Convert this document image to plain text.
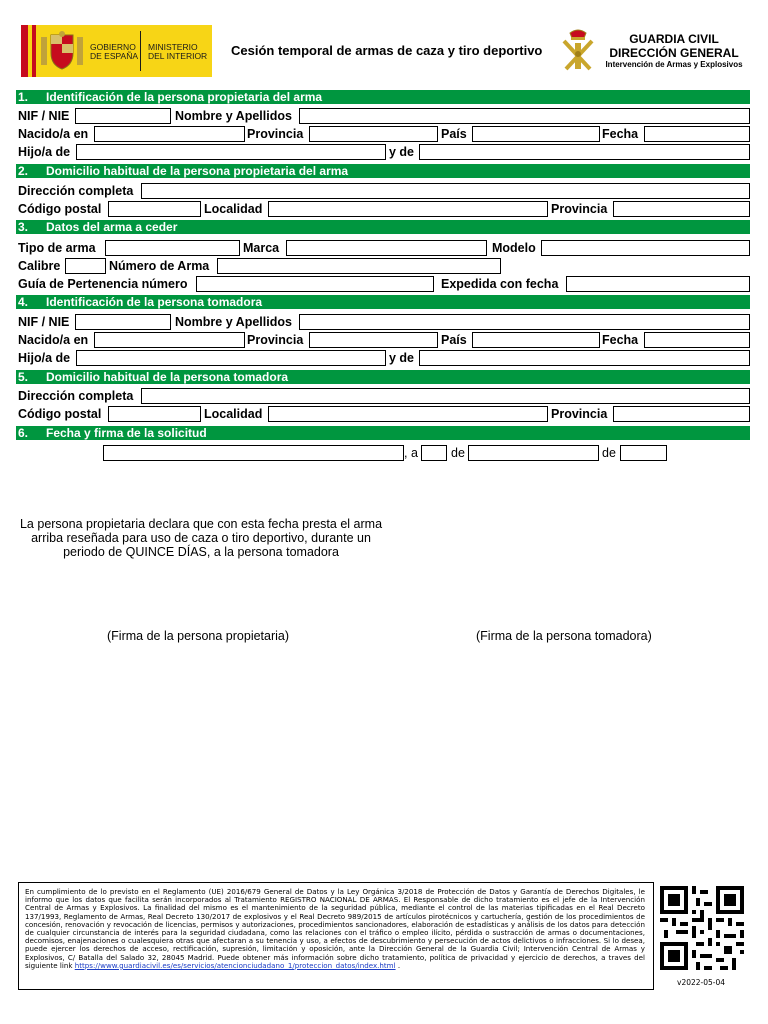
GOBIERNO
DE ESPAÑA
MINISTERIO
DEL INTERIOR Cesión temporal de armas de caza y tiro deportivo
GUARDIA CIVIL
DIRECCIÓN GENERAL
Intervención de Armas y Explosivos
1. Identificación de la persona propietaria del arma
NIF / NIE	Nombre y Apellidos
Nacido/a en	Provincia	País	Fecha
Hijo/a de	y de
2. Domicilio habitual de la persona propietaria del arma
Dirección completa
Código postal	Localidad	Provincia
3. Datos del arma a ceder
Tipo de arma	Marca	Modelo
Calibre	Número de Arma
Guía de Pertenencia número	Expedida con fecha
4. Identificación de la persona tomadora
NIF / NIE	Nombre y Apellidos
Nacido/a en	Provincia	País	Fecha
Hijo/a de	y de
5. Domicilio habitual de la persona tomadora
Dirección completa
Código postal	Localidad	Provincia
6. Fecha y firma de la solicitud
, a	de	de
La persona propietaria declara que con esta fecha presta el arma arriba reseñada para uso de caza o tiro deportivo, durante un periodo de QUINCE DÍAS, a la persona tomadora
(Firma de la persona propietaria)	(Firma de la persona tomadora)
En cumplimiento de lo previsto en el Reglamento (UE) 2016/679 General de Datos y la Ley Orgánica 3/2018 de Protección de Datos y Garantía de Derechos Digitales, le informo que los datos que facilita serán incorporados al Tratamiento REGISTRO NACIONAL DE ARMAS. El Responsable de dicho tratamiento es el jefe de la Intervención Central de Armas y Explosivos. La finalidad del mismo es el mantenimiento de la seguridad pública, mediante el control de las materias tipificadas en el Real Decreto 137/1993, Reglamento de Armas, Real Decreto 130/2017 de explosivos y el Real Decreto 989/2015 de artículos pirotécnicos y cartuchería, gestión de los procedimientos de concesión, renovación y revocación de licencias, permisos y autorizaciones, procedimientos sancionadores, elaboración de estadísticas y análisis de los datos para detección de cualquier circunstancia de interés para la seguridad ciudadana, como las relaciones con el tráfico o empleo ilícito, pérdida o sustracción de armas o documentaciones, decomisos, enajenaciones o cualesquiera otras que afectaran a su tenencia y uso, a efectos de descubrimiento y persecución de actos delictivos o infracciones. Si lo desea, puede ejercer los derechos de acceso, rectificación, supresión, limitación y oposición, ante la Dirección General de la Guardia Civil; Intervención Central de Armas y Explosivos, C/ Batalla del Salado 32, 28045 Madrid. Puede obtener más información sobre dicho tratamiento, política de privacidad y ejercicio de derechos, a traves del siguiente link https://www.guardiacivil.es/es/servicios/atencionciudadano_1/proteccion_datos/index.html .
v2022-05-04
